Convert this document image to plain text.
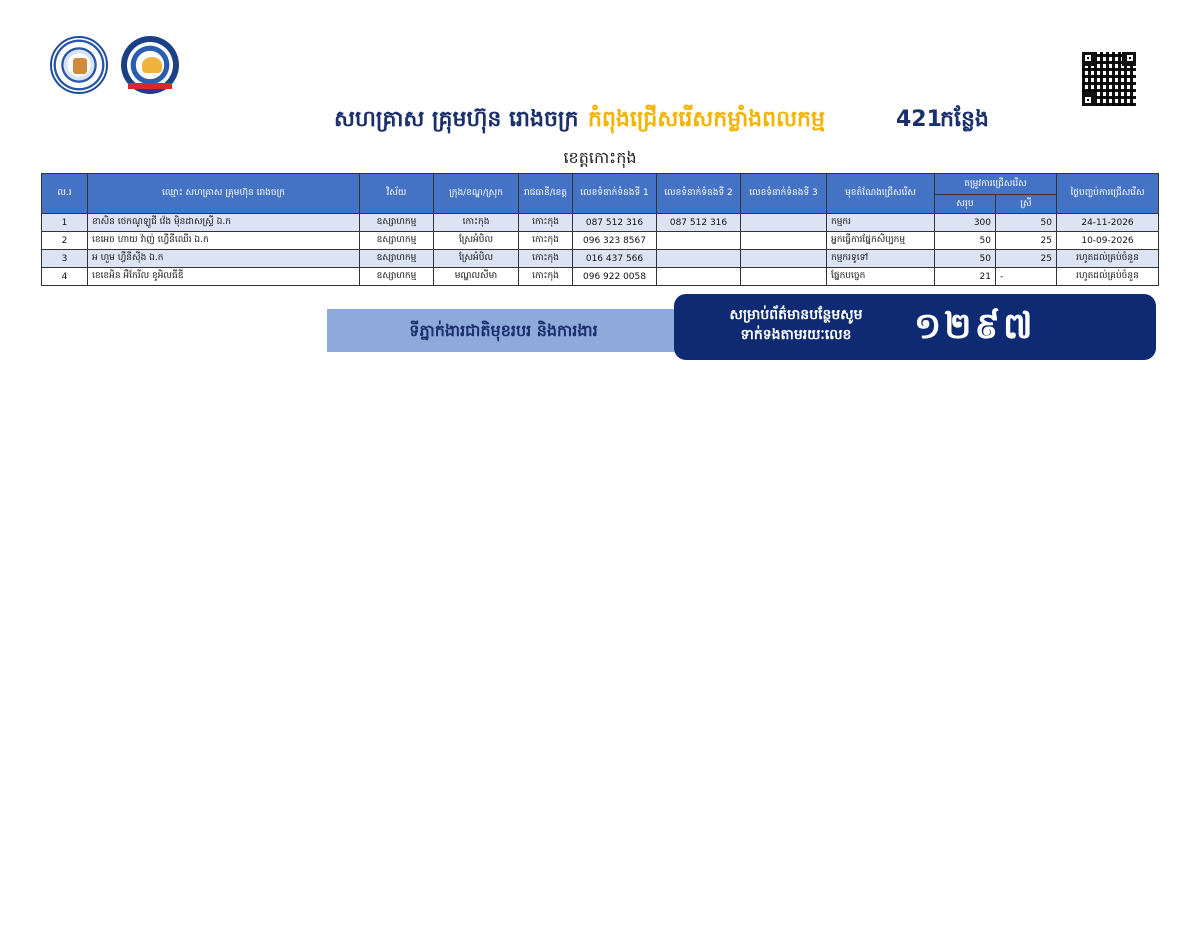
សហគ្រាស គ្រុមហ៊ុន រោងចក្រ កំពុងជ្រើសរើសកម្លាំងពលកម្ម	421
កន្លែង
ខេត្តកោះកុង
ល.រ	ឈ្មោះ សហគ្រាស គ្រុមហ៊ុន រោងចក្រ	វិស័យ	ក្រុង/ខណ្ឌ/ស្រុក	រាជធានី/ខេត្ត	លេខទំនាក់ទំនងទី 1	លេខទំនាក់ទំនងទី 2	លេខទំនាក់ទំនងទី 3	មុខតំណែងជ្រើសរើស	តម្រូវការជ្រើសរើស		ថ្ងៃបញ្ចប់ការជ្រើសរើស
									សរុប	ស្រី	
1	ខាសិន ថេកណូឡូជី វ៉េង ម៉ិនដាសស្រ្ទី ឯ.ក	ឧស្សាហកម្ម	កោះកុង	កោះកុង	087 512 316	087 512 316		កម្មករ	300	50	24-11-2026
2	ខេអេច ហាយ វ៉ាញ់ ហ្វើនីឈើរ ឯ.ក	ឧស្សាហកម្ម	ស្រែអំបិល	កោះកុង	096 323 8567			អ្នកធ្វើការផ្នែកសិប្បកម្ម	50	25	10-09-2026
3	អ ហួម ហ្វឺនីស៊ីង ឯ.ក	ឧស្សាហកម្ម	ស្រែអំបិល	កោះកុង	016 437 566			កម្មករទូទៅ	50	25	រហូតដល់គ្រប់ចំនួន
4	ខេខេអិន អឺកែរីល ខូអិលធីឌី	ឧស្សាហកម្ម	មណ្ឌលសីមា	កោះកុង	096 922 0058			ផ្នែកបច្ចេក	21	-	រហូតដល់គ្រប់ចំនួន
ទីភ្នាក់ងារជាតិមុខរបរ និងការងារ
សម្រាប់ព័ត៌មានបន្ថែមសូម
ទាក់ទងតាមរយៈលេខ	១២៩៧
